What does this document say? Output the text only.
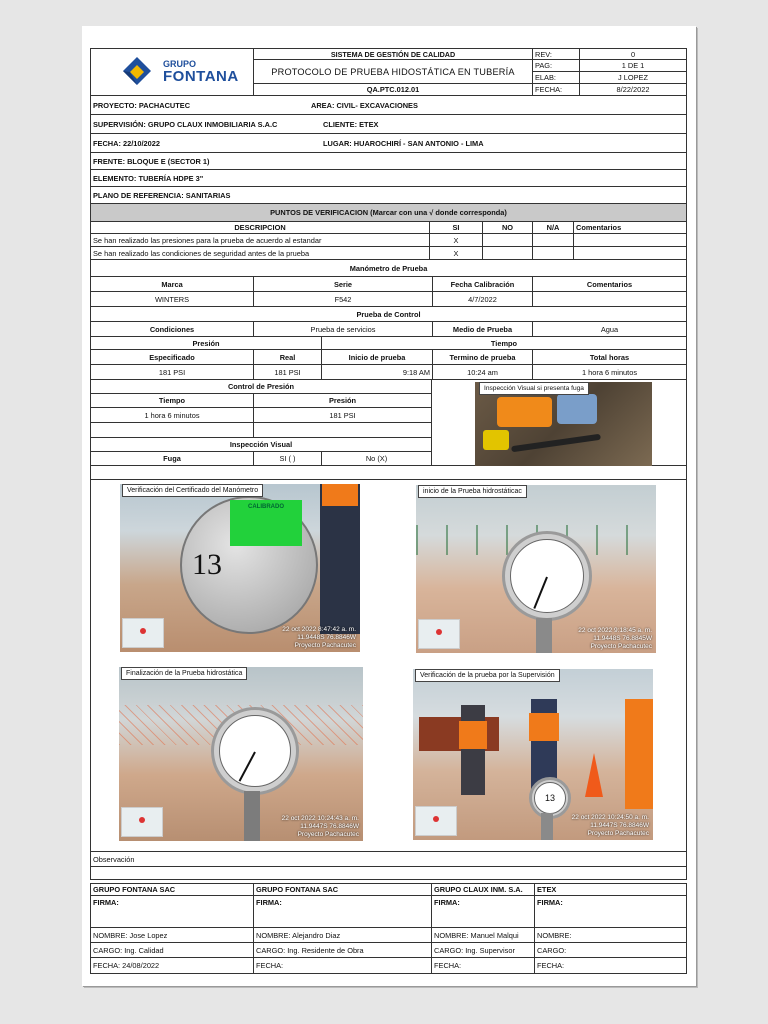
GRUPO
FONTANA
SISTEMA DE GESTIÓN DE CALIDAD
PROTOCOLO DE PRUEBA HIDOSTÁTICA EN TUBERÍA
QA.PTC.012.01
REV:	0
PAG:	1 DE 1
ELAB:	J LOPEZ
FECHA:	8/22/2022
PROYECTO: PACHACUTEC	AREA: CIVIL- EXCAVACIONES
SUPERVISIÓN: GRUPO CLAUX INMOBILIARIA S.A.C	CLIENTE: ETEX
FECHA: 22/10/2022	LUGAR: HUAROCHIRÍ - SAN ANTONIO - LIMA
FRENTE: BLOQUE E (SECTOR 1)
ELEMENTO: TUBERÍA HDPE 3"
PLANO DE REFERENCIA: SANITARIAS
PUNTOS DE VERIFICACION (Marcar con una √ donde corresponda)
DESCRIPCION	SI	NO	N/A	Comentarios
Se han realizado las presiones para la prueba de acuerdo al estandar	X
Se han realizado las condiciones de seguridad antes de la prueba	X
Manómetro de Prueba
Marca	Serie	Fecha Calibración	Comentarios
WINTERS	F542	4/7/2022
Prueba de Control
Condiciones	Prueba de servicios	Medio de Prueba	Agua
Presión	Tiempo
Especificado	Real	Inicio de prueba	Termino de prueba	Total horas
181 PSI	181 PSI	9:18 AM	10:24 am	1 hora 6 minutos
Control de Presión
Tiempo	Presión
1 hora 6 minutos	181 PSI
Inspección Visual
Fuga	SI ( )	No (X)
Inspección Visual si presenta fuga
CALIBRADO
13
22 oct 2022 8:47:42 a. m.
11.9448S 76.8846W
Proyecto Pachacutec
Verificación del Certificado del Manómetro
22 oct 2022 9:18:45 a. m.
11.9448S 76.8845W
Proyecto Pachacutec
inicio de la Prueba hidrostáticac
22 oct 2022 10:24:43 a. m.
11.9447S 76.8846W
Proyecto Pachacutec
Finalización de la Prueba hidrostática
13
22 oct 2022 10:24:50 a. m.
11.9447S 76.8846W
Proyecto Pachacutec
Verificación de la prueba por la Supervisión
Observación
GRUPO FONTANA SAC	GRUPO FONTANA SAC	GRUPO CLAUX INM. S.A.	ETEX
FIRMA:	FIRMA:	FIRMA:	FIRMA:
NOMBRE: Jose Lopez	NOMBRE: Alejandro Diaz	NOMBRE: Manuel Malqui	NOMBRE:
CARGO: Ing. Calidad	CARGO: Ing. Residente de Obra	CARGO: Ing. Supervisor	CARGO:
FECHA: 24/08/2022	FECHA:	FECHA:	FECHA:
